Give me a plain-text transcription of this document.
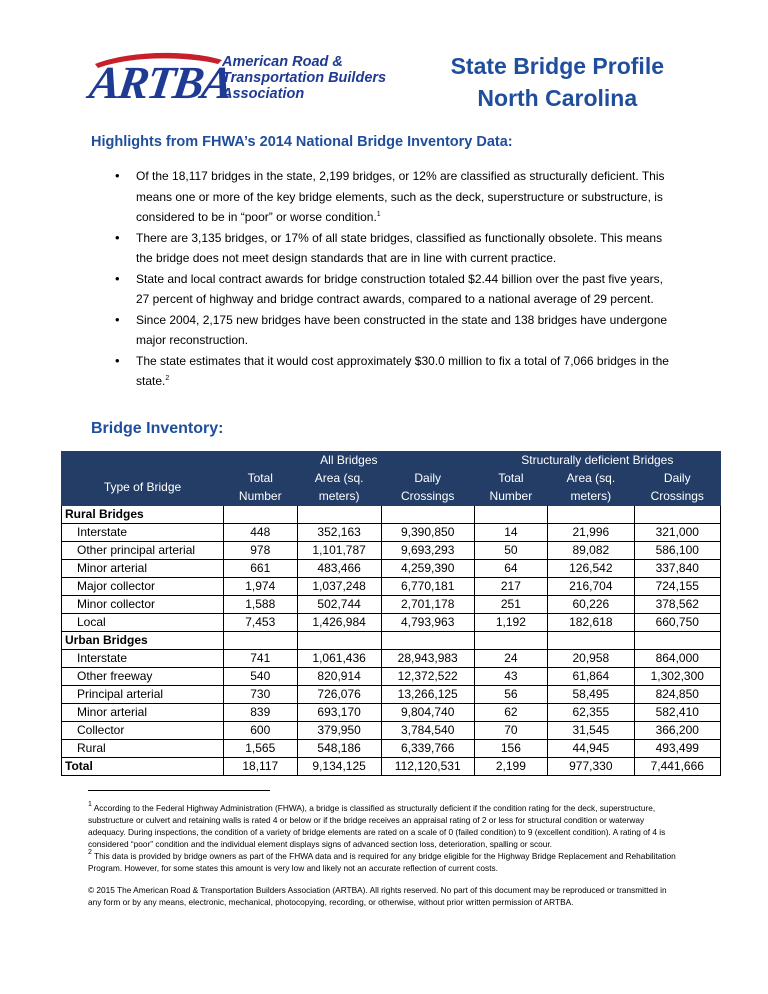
ARTBA
American Road &
Transportation Builders
Association
State Bridge Profile
North Carolina
Highlights from FHWA’s 2014 National Bridge Inventory Data:
• Of the 18,117 bridges in the state, 2,199 bridges, or 12% are classified as structurally deficient. This means one or more of the key bridge elements, such as the deck, superstructure or substructure, is considered to be in “poor” or worse condition.$^1$
• There are 3,135 bridges, or 17% of all state bridges, classified as functionally obsolete. This means the bridge does not meet design standards that are in line with current practice.
• State and local contract awards for bridge construction totaled $2.44 billion over the past five years, 27 percent of highway and bridge contract awards, compared to a national average of 29 percent.
• Since 2004, 2,175 new bridges have been constructed in the state and 138 bridges have undergone major reconstruction.
• The state estimates that it would cost approximately $30.0 million to fix a total of 7,066 bridges in the state.$^2$
Bridge Inventory:
	All Bridges			Structurally deficient Bridges		
Type of Bridge	Total	Area (sq.	Daily	Total	Area (sq.	Daily
	Number	meters)	Crossings	Number	meters)	Crossings
Rural Bridges						
Interstate	448	352,163	9,390,850	14	21,996	321,000
Other principal arterial	978	1,101,787	9,693,293	50	89,082	586,100
Minor arterial	661	483,466	4,259,390	64	126,542	337,840
Major collector	1,974	1,037,248	6,770,181	217	216,704	724,155
Minor collector	1,588	502,744	2,701,178	251	60,226	378,562
Local	7,453	1,426,984	4,793,963	1,192	182,618	660,750
Urban Bridges						
Interstate	741	1,061,436	28,943,983	24	20,958	864,000
Other freeway	540	820,914	12,372,522	43	61,864	1,302,300
Principal arterial	730	726,076	13,266,125	56	58,495	824,850
Minor arterial	839	693,170	9,804,740	62	62,355	582,410
Collector	600	379,950	3,784,540	70	31,545	366,200
Rural	1,565	548,186	6,339,766	156	44,945	493,499
Total	18,117	9,134,125	112,120,531	2,199	977,330	7,441,666

$^1$ According to the Federal Highway Administration (FHWA), a bridge is classified as structurally deficient if the condition rating for the deck, superstructure, substructure or culvert and retaining walls is rated 4 or below or if the bridge receives an appraisal rating of 2 or less for structural condition or waterway adequacy. During inspections, the condition of a variety of bridge elements are rated on a scale of 0 (failed condition) to 9 (excellent condition). A rating of 4 is considered “poor” condition and the individual element displays signs of advanced section loss, deterioration, spalling or scour.

$^2$ This data is provided by bridge owners as part of the FHWA data and is required for any bridge eligible for the Highway Bridge Replacement and Rehabilitation Program. However, for some states this amount is very low and likely not an accurate reflection of current costs.

© 2015 The American Road & Transportation Builders Association (ARTBA). All rights reserved. No part of this document may be reproduced or transmitted in any form or by any means, electronic, mechanical, photocopying, recording, or otherwise, without prior written permission of ARTBA.
